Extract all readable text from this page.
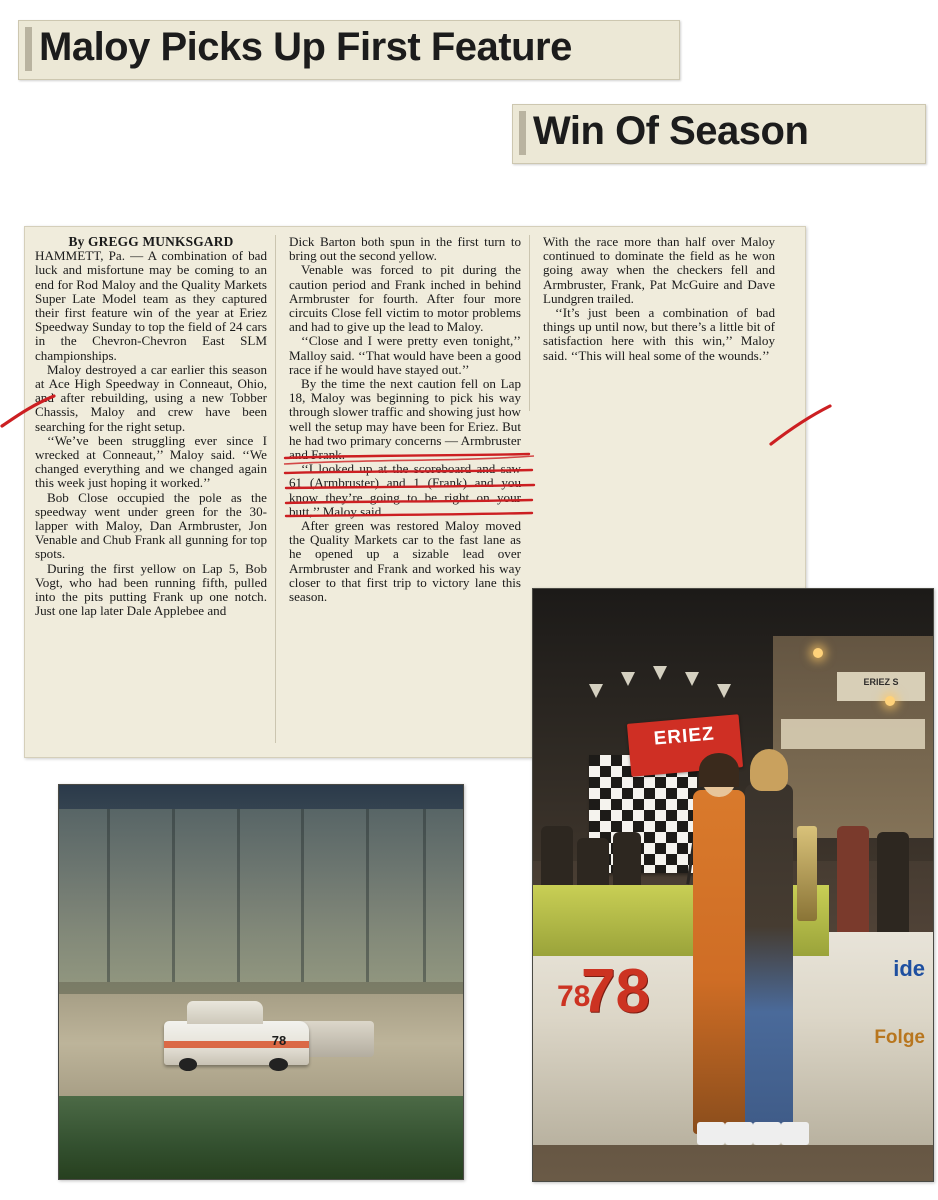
Maloy Picks Up First Feature
Win Of Season

By GREGG MUNKSGARD

HAMMETT, Pa. — A combination of bad luck and misfortune may be coming to an end for Rod Maloy and the Quality Markets Super Late Model team as they captured their first feature win of the year at Eriez Speedway Sunday to top the field of 24 cars in the Chevron-Chevron East SLM championships.

Maloy destroyed a car earlier this season at Ace High Speedway in Conneaut, Ohio, and after rebuilding, using a new Tobber Chassis, Maloy and crew have been searching for the right setup.

‘‘We’ve been struggling ever since I wrecked at Conneaut,’’ Maloy said. ‘‘We changed everything and we changed again this week just hoping it worked.’’

Bob Close occupied the pole as the speedway went under green for the 30-lapper with Maloy, Dan Armbruster, Jon Venable and Chub Frank all gunning for top spots.

During the first yellow on Lap 5, Bob Vogt, who had been running fifth, pulled into the pits putting Frank up one notch. Just one lap later Dale Applebee and

Dick Barton both spun in the first turn to bring out the second yellow.

Venable was forced to pit during the caution period and Frank inched in behind Armbruster for fourth. After four more circuits Close fell victim to motor problems and had to give up the lead to Maloy.

‘‘Close and I were pretty even tonight,’’ Malloy said. ‘‘That would have been a good race if he would have stayed out.’’

By the time the next caution fell on Lap 18, Maloy was beginning to pick his way through slower traffic and showing just how well the setup may have been for Eriez. But he had two primary concerns — Armbruster and Frank.

‘‘I looked up at the scoreboard and saw 61 (Armbruster) and 1 (Frank) and you know they’re going to be right on your butt,’’ Maloy said.

After green was restored Maloy moved the Quality Markets car to the fast lane as he opened up a sizable lead over Armbruster and Frank and worked his way closer to that first trip to victory lane this season.

With the race more than half over Maloy continued to dominate the field as he won going away when the checkers fell and Armbruster, Frank, Pat McGuire and Dave Lundgren trailed.

‘‘It’s just been a combination of bad things up until now, but there’s a little bit of satisfaction here with this win,’’ Maloy said. ‘‘This will heal some of the wounds.’’

78
ERIEZ S
ERIEZ
78
78	ide
Folge
